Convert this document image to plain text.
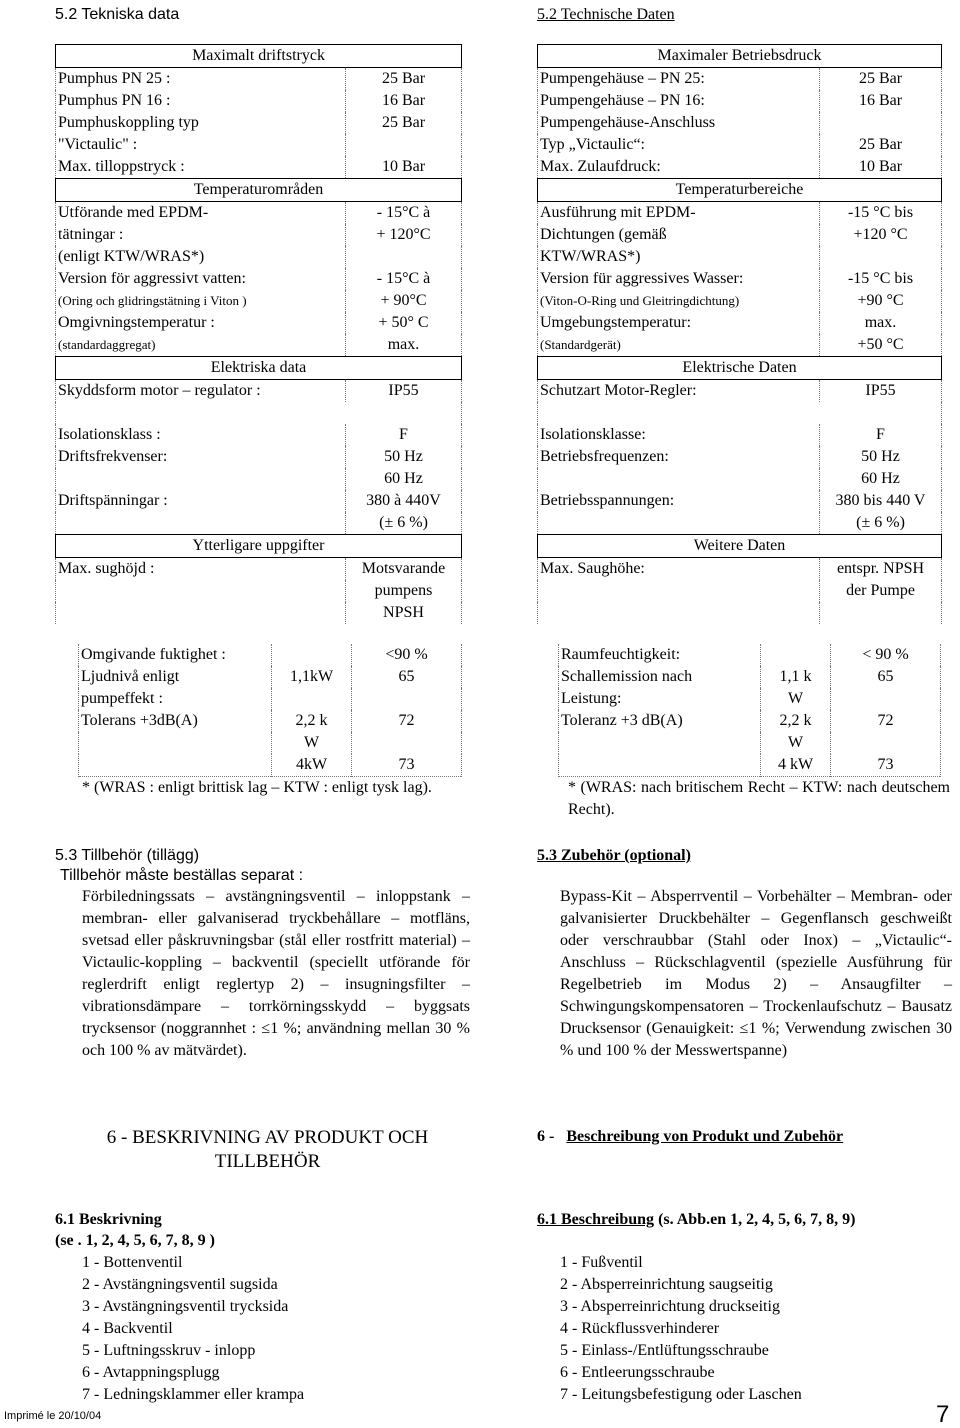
5.2 Tekniska data
Maximalt driftstryck	
Pumphus PN 25 :	25 Bar
Pumphus PN 16 :	16 Bar
Pumphuskoppling typ	25 Bar
"Victaulic" :	
Max. tilloppstryck :	10 Bar
Temperaturområden	
Utförande med EPDM-	- 15°C à
tätningar :	+ 120°C
(enligt KTW/WRAS*)	
Version för aggressivt vatten:	- 15°C à
(Oring och glidringstätning i Viton )	+ 90°C
Omgivningstemperatur :	+ 50° C
(standardaggregat)	max.
Elektriska data	
Skyddsform motor – regulator :	IP55

Isolationsklass :	F
Driftsfrekvenser:	50 Hz
	60 Hz
Driftspänningar :	380 à 440V
	(± 6 %)
Ytterligare uppgifter	
Max. sughöjd :	Motsvarande
	pumpens
	NPSH
Omgivande fuktighet :		<90 %
Ljudnivå enligt	1,1kW	65
pumpeffekt :		
Tolerans +3dB(A)	2,2 k	72
	W	
	4kW	73
* (WRAS : enligt brittisk lag – KTW : enligt tysk lag).
5.3 Tillbehör (tillägg)
Tillbehör måste beställas separat :
Förbiledningssats – avstängningsventil – inloppstank – membran- eller galvaniserad tryckbehållare – motfläns, svetsad eller påskruvningsbar (stål eller rostfritt material) – Victaulic-koppling – backventil (speciellt utförande för reglerdrift enligt reglertyp 2) – insugningsfilter – vibrationsdämpare – torrkörningsskydd – byggsats trycksensor (noggrannhet : ≤1 %; användning mellan 30 % och 100 % av mätvärdet).
6 - BESKRIVNING AV PRODUKT OCH
TILLBEHÖR
6.1 Beskrivning
(se . 1, 2, 4, 5, 6, 7, 8, 9 )
1 - Bottenventil
2 - Avstängningsventil sugsida
3 - Avstängningsventil trycksida
4 - Backventil
5 - Luftningsskruv - inlopp
6 - Avtappningsplugg
7 - Ledningsklammer eller krampa
Imprimé le 20/10/04
5.2 Technische Daten
Maximaler Betriebsdruck	
Pumpengehäuse – PN 25:	25 Bar
Pumpengehäuse – PN 16:	16 Bar
Pumpengehäuse-Anschluss	
Typ „Victaulic“:	25 Bar
Max. Zulaufdruck:	10 Bar
Temperaturbereiche	
Ausführung mit EPDM-	-15 °C bis
Dichtungen (gemäß	+120 °C
KTW/WRAS*)	
Version für aggressives Wasser:	-15 °C bis
(Viton-O-Ring und Gleitringdichtung)	+90 °C
Umgebungstemperatur:	max.
(Standardgerät)	+50 °C
Elektrische Daten	
Schutzart Motor-Regler:	IP55

Isolationsklasse:	F
Betriebsfrequenzen:	50 Hz
	60 Hz
Betriebsspannungen:	380 bis 440 V
	(± 6 %)
Weitere Daten	
Max. Saughöhe:	entspr. NPSH
	der Pumpe

Raumfeuchtigkeit:		< 90 %
Schallemission nach	1,1 k	65
Leistung:	W	
Toleranz +3 dB(A)	2,2 k	72
	W	
	4 kW	73
* (WRAS: nach britischem Recht – KTW: nach deutschem Recht).
5.3 Zubehör (optional)
Bypass-Kit – Absperrventil – Vorbehälter – Membran- oder galvanisierter Druckbehälter – Gegenflansch geschweißt oder verschraubbar (Stahl oder Inox) – „Victaulic“-Anschluss – Rückschlagventil (spezielle Ausführung für Regelbetrieb im Modus 2) – Ansaugfilter – Schwingungskompensatoren – Trockenlaufschutz – Bausatz Drucksensor (Genauigkeit: ≤1 %; Verwendung zwischen 30 % und 100 % der Messwertspanne)
6 - Beschreibung von Produkt und Zubehör
6.1 Beschreibung (s. Abb.en 1, 2, 4, 5, 6, 7, 8, 9)
1 - Fußventil
2 - Absperreinrichtung saugseitig
3 - Absperreinrichtung druckseitig
4 - Rückflussverhinderer
5 - Einlass-/Entlüftungsschraube
6 - Entleerungsschraube
7 - Leitungsbefestigung oder Laschen
7
